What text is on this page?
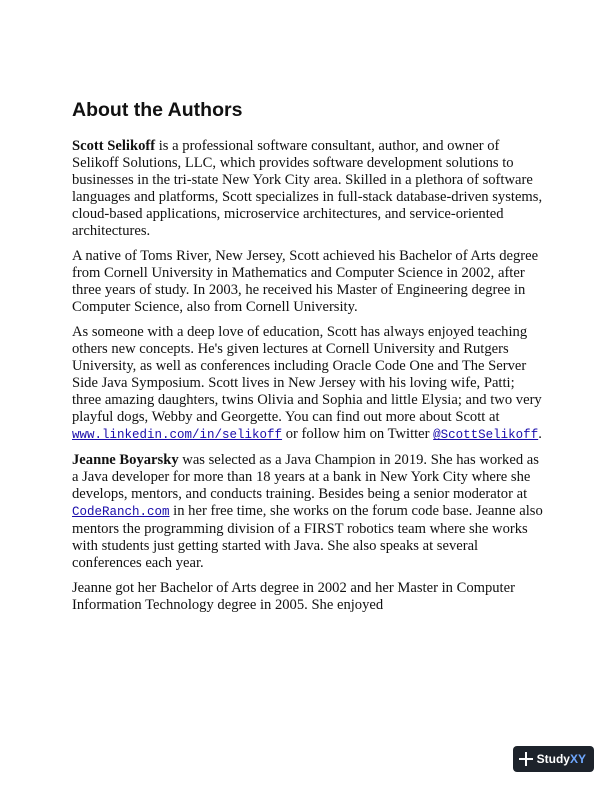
About the Authors

Scott Selikoff is a professional software consultant, author, and owner of Selikoff Solutions, LLC, which provides software development solutions to businesses in the tri-state New York City area. Skilled in a plethora of software languages and platforms, Scott specializes in full-stack database-driven systems, cloud-based applications, microservice architectures, and service-oriented architectures.

A native of Toms River, New Jersey, Scott achieved his Bachelor of Arts degree from Cornell University in Mathematics and Computer Science in 2002, after three years of study. In 2003, he received his Master of Engineering degree in Computer Science, also from Cornell University.

As someone with a deep love of education, Scott has always enjoyed teaching others new concepts. He's given lectures at Cornell University and Rutgers University, as well as conferences including Oracle Code One and The Server Side Java Symposium. Scott lives in New Jersey with his loving wife, Patti; three amazing daughters, twins Olivia and Sophia and little Elysia; and two very playful dogs, Webby and Georgette. You can find out more about Scott at www.linkedin.com/in/selikoff or follow him on Twitter @ScottSelikoff.

Jeanne Boyarsky was selected as a Java Champion in 2019. She has worked as a Java developer for more than 18 years at a bank in New York City where she develops, mentors, and conducts training. Besides being a senior moderator at CodeRanch.com in her free time, she works on the forum code base. Jeanne also mentors the programming division of a FIRST robotics team where she works with students just getting started with Java. She also speaks at several conferences each year.

Jeanne got her Bachelor of Arts degree in 2002 and her Master in Computer Information Technology degree in 2005. She enjoyed

StudyXY
